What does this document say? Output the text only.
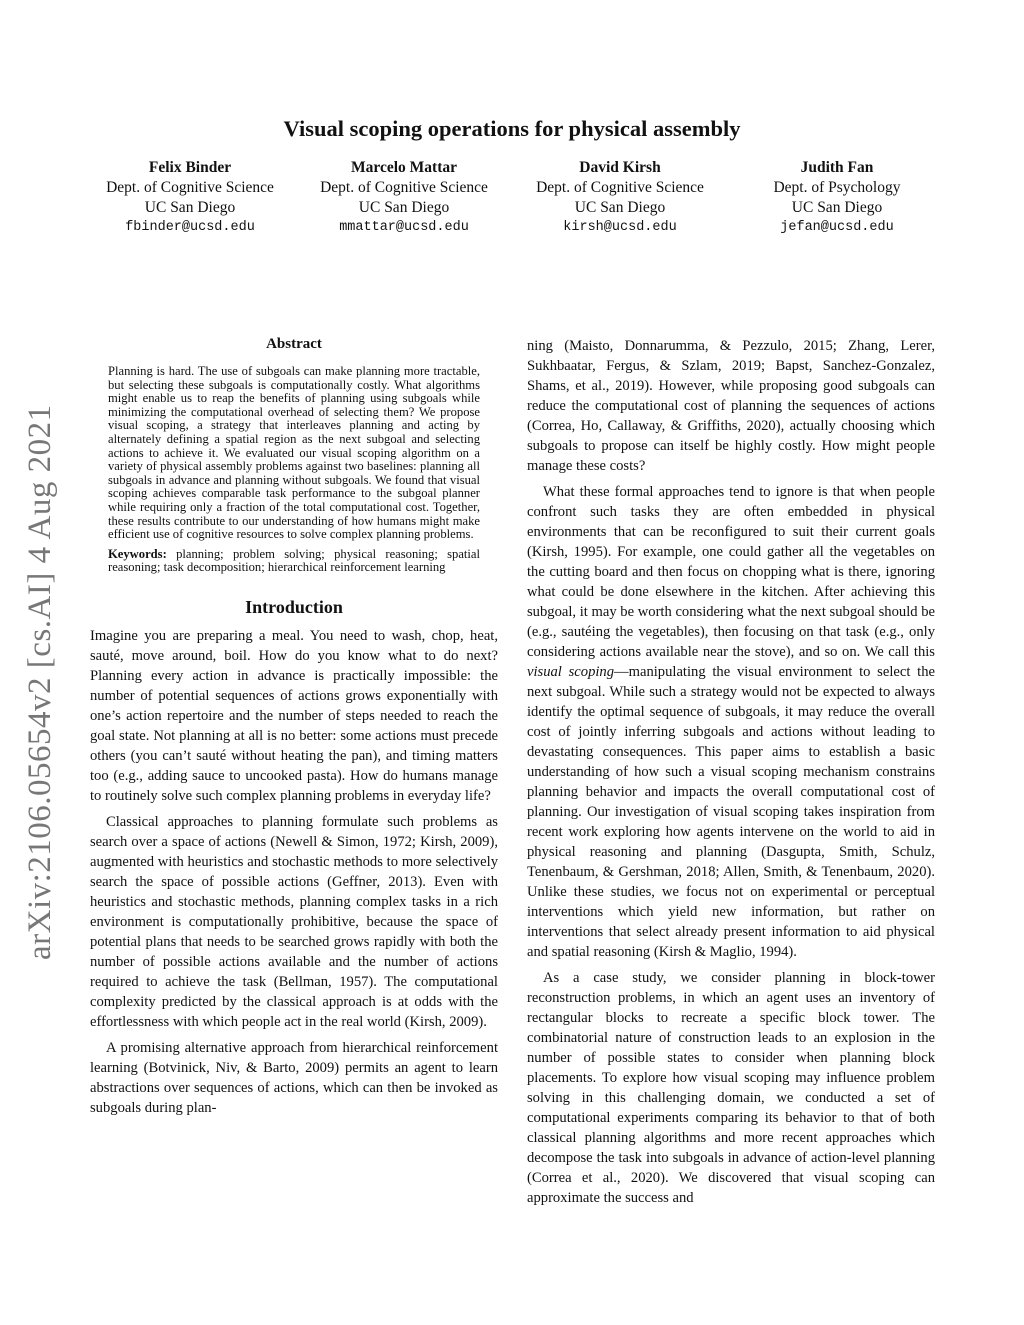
arXiv:2106.05654v2 [cs.AI] 4 Aug 2021
Visual scoping operations for physical assembly
Felix Binder
Dept. of Cognitive Science
UC San Diego
fbinder@ucsd.edu
Marcelo Mattar
Dept. of Cognitive Science
UC San Diego
mmattar@ucsd.edu
David Kirsh
Dept. of Cognitive Science
UC San Diego
kirsh@ucsd.edu
Judith Fan
Dept. of Psychology
UC San Diego
jefan@ucsd.edu
Abstract

Planning is hard. The use of subgoals can make planning more tractable, but selecting these subgoals is computationally costly. What algorithms might enable us to reap the benefits of planning using subgoals while minimizing the computational overhead of selecting them? We propose visual scoping, a strategy that interleaves planning and acting by alternately defining a spatial region as the next subgoal and selecting actions to achieve it. We evaluated our visual scoping algorithm on a variety of physical assembly problems against two baselines: planning all subgoals in advance and planning without subgoals. We found that visual scoping achieves comparable task performance to the subgoal planner while requiring only a fraction of the total computational cost. Together, these results contribute to our understanding of how humans might make efficient use of cognitive resources to solve complex planning problems.

Keywords: planning; problem solving; physical reasoning; spatial reasoning; task decomposition; hierarchical reinforcement learning

Introduction

Imagine you are preparing a meal. You need to wash, chop, heat, sauté, move around, boil. How do you know what to do next? Planning every action in advance is practically impossible: the number of potential sequences of actions grows exponentially with one’s action repertoire and the number of steps needed to reach the goal state. Not planning at all is no better: some actions must precede others (you can’t sauté without heating the pan), and timing matters too (e.g., adding sauce to uncooked pasta). How do humans manage to routinely solve such complex planning problems in everyday life?

Classical approaches to planning formulate such problems as search over a space of actions (Newell & Simon, 1972; Kirsh, 2009), augmented with heuristics and stochastic methods to more selectively search the space of possible actions (Geffner, 2013). Even with heuristics and stochastic methods, planning complex tasks in a rich environment is computationally prohibitive, because the space of potential plans that needs to be searched grows rapidly with both the number of possible actions available and the number of actions required to achieve the task (Bellman, 1957). The computational complexity predicted by the classical approach is at odds with the effortlessness with which people act in the real world (Kirsh, 2009).

A promising alternative approach from hierarchical reinforcement learning (Botvinick, Niv, & Barto, 2009) permits an agent to learn abstractions over sequences of actions, which can then be invoked as subgoals during plan-

ning (Maisto, Donnarumma, & Pezzulo, 2015; Zhang, Lerer, Sukhbaatar, Fergus, & Szlam, 2019; Bapst, Sanchez-Gonzalez, Shams, et al., 2019). However, while proposing good subgoals can reduce the computational cost of planning the sequences of actions (Correa, Ho, Callaway, & Griffiths, 2020), actually choosing which subgoals to propose can itself be highly costly. How might people manage these costs?

What these formal approaches tend to ignore is that when people confront such tasks they are often embedded in physical environments that can be reconfigured to suit their current goals (Kirsh, 1995). For example, one could gather all the vegetables on the cutting board and then focus on chopping what is there, ignoring what could be done elsewhere in the kitchen. After achieving this subgoal, it may be worth considering what the next subgoal should be (e.g., sautéing the vegetables), then focusing on that task (e.g., only considering actions available near the stove), and so on. We call this visual scoping—manipulating the visual environment to select the next subgoal. While such a strategy would not be expected to always identify the optimal sequence of subgoals, it may reduce the overall cost of jointly inferring subgoals and actions without leading to devastating consequences. This paper aims to establish a basic understanding of how such a visual scoping mechanism constrains planning behavior and impacts the overall computational cost of planning. Our investigation of visual scoping takes inspiration from recent work exploring how agents intervene on the world to aid in physical reasoning and planning (Dasgupta, Smith, Schulz, Tenenbaum, & Gershman, 2018; Allen, Smith, & Tenenbaum, 2020). Unlike these studies, we focus not on experimental or perceptual interventions which yield new information, but rather on interventions that select already present information to aid physical and spatial reasoning (Kirsh & Maglio, 1994).

As a case study, we consider planning in block-tower reconstruction problems, in which an agent uses an inventory of rectangular blocks to recreate a specific block tower. The combinatorial nature of construction leads to an explosion in the number of possible states to consider when planning block placements. To explore how visual scoping may influence problem solving in this challenging domain, we conducted a set of computational experiments comparing its behavior to that of both classical planning algorithms and more recent approaches which decompose the task into subgoals in advance of action-level planning (Correa et al., 2020). We discovered that visual scoping can approximate the success and
